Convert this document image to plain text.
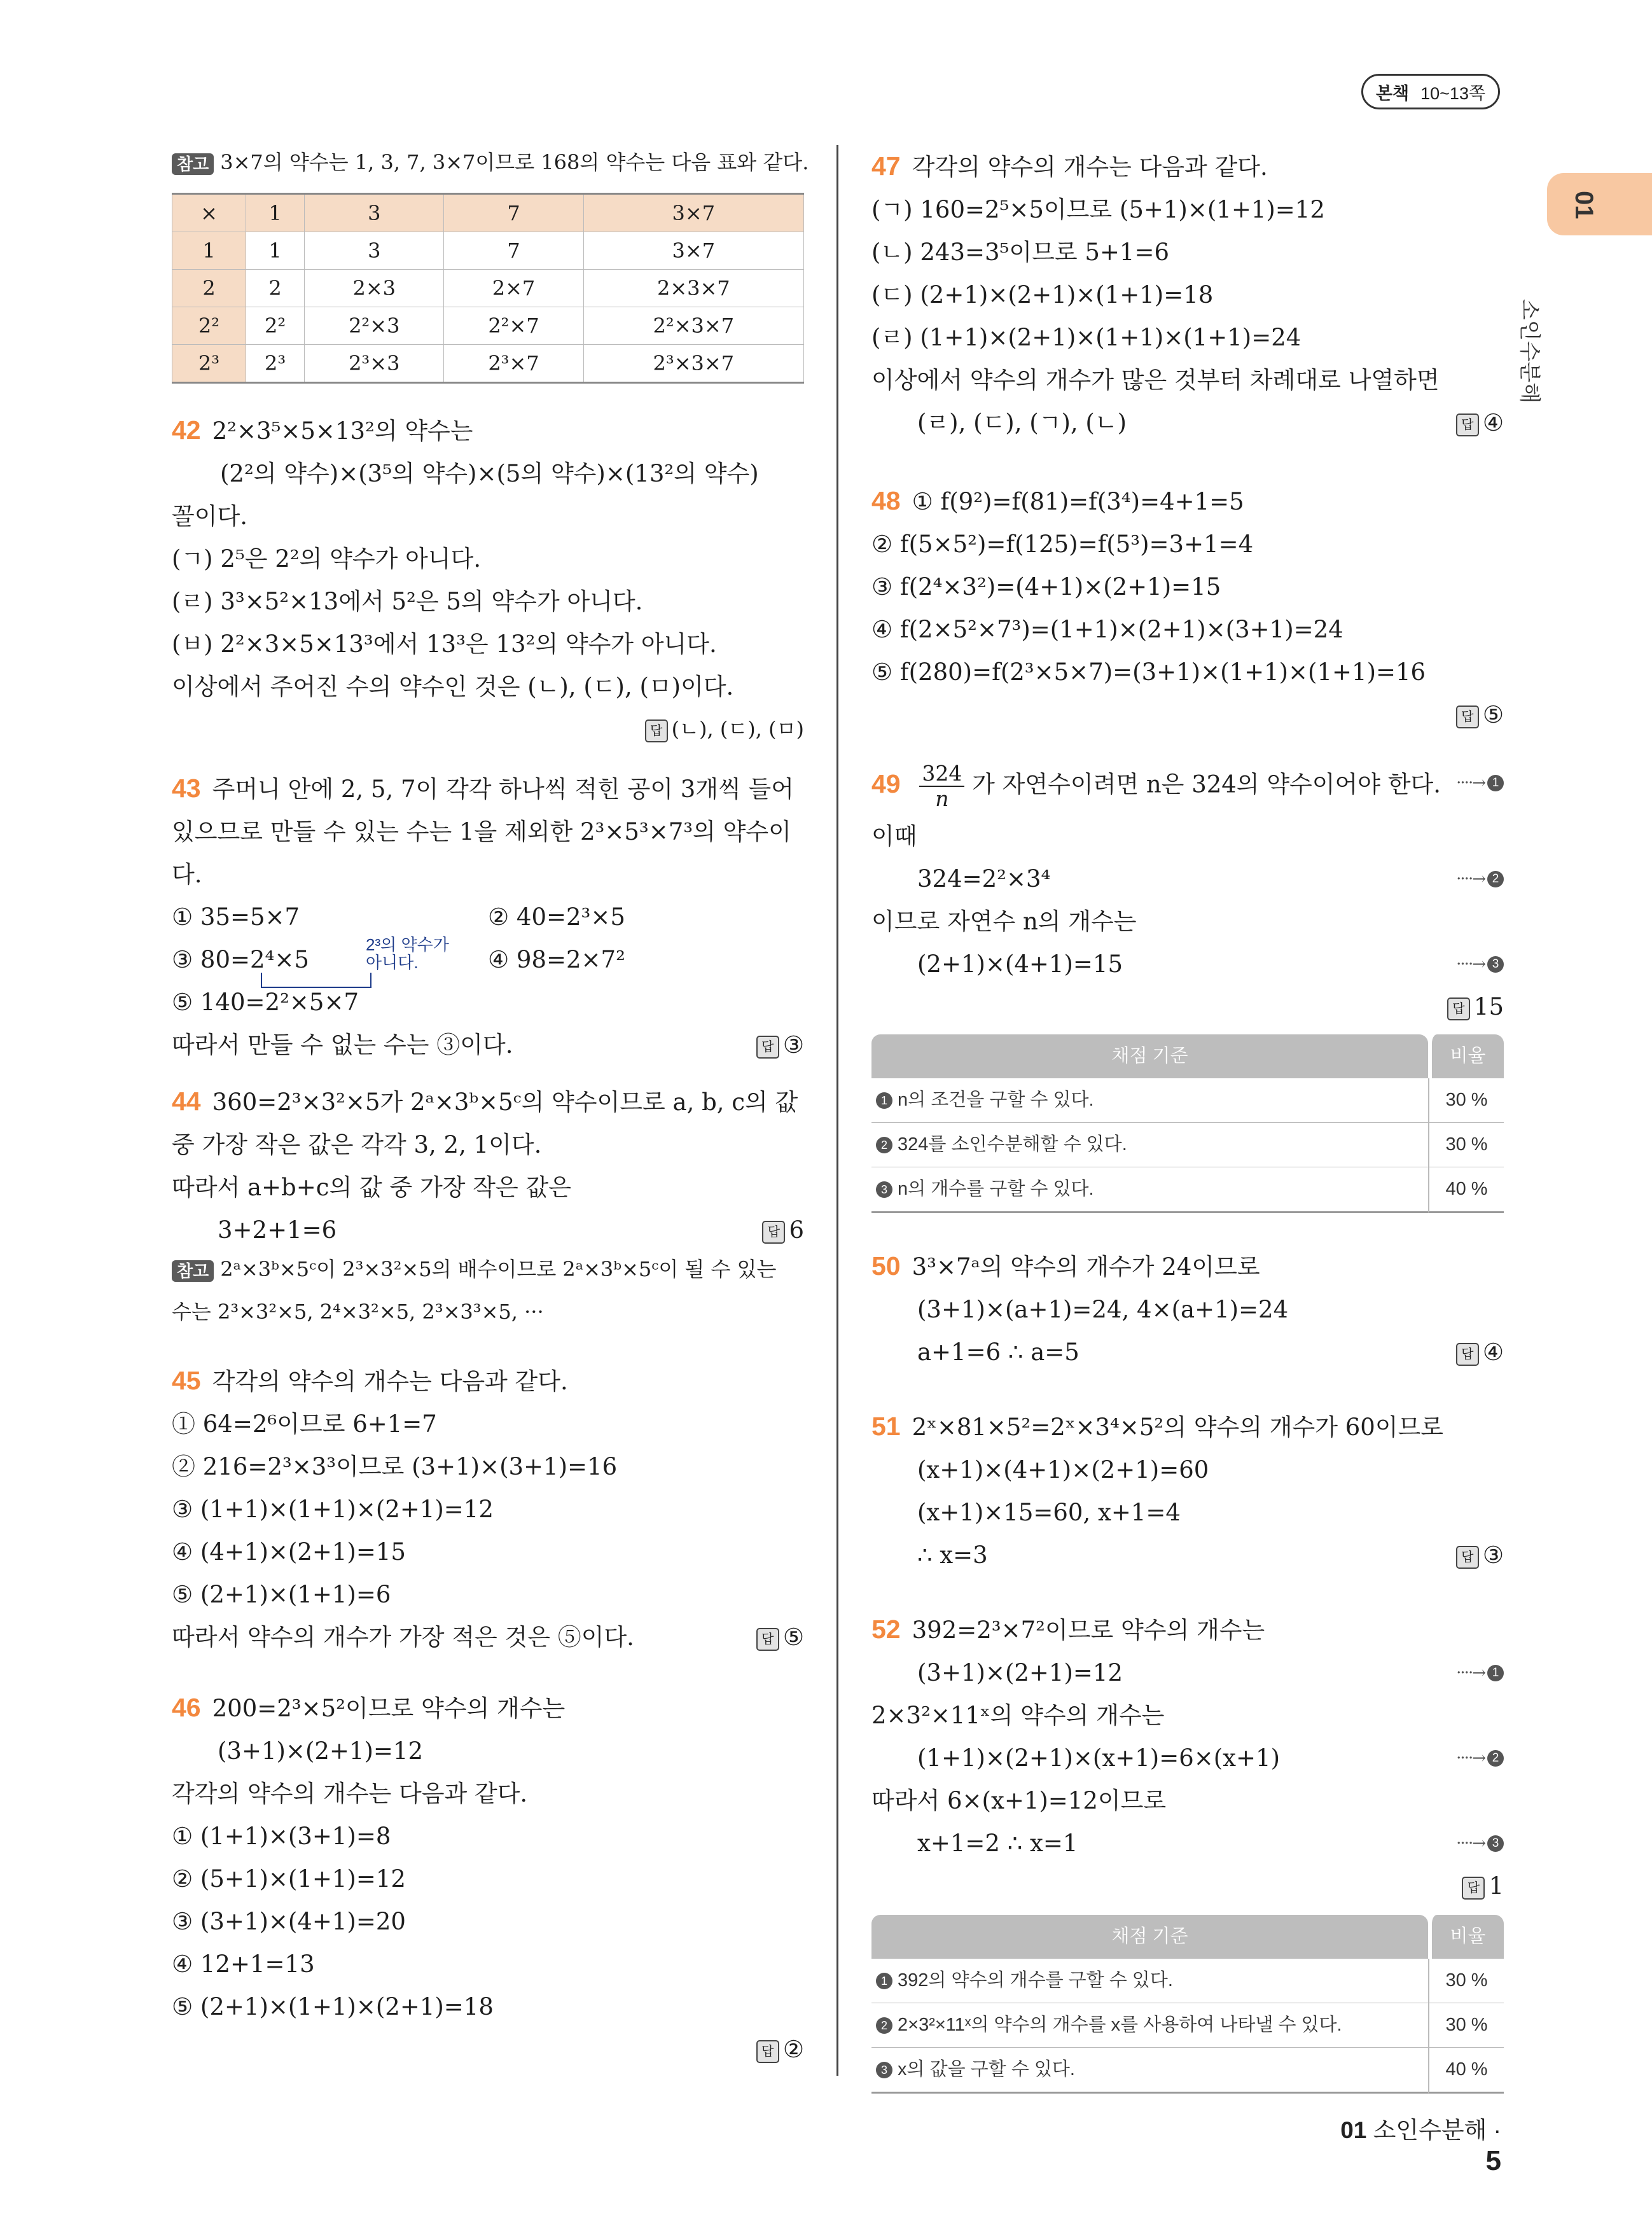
본책 10~13쪽
01
소인수분해
참고 3×7의 약수는 1, 3, 7, 3×7이므로 168의 약수는 다음 표와 같다.
×	1	3	7	3×7
1	1	3	7	3×7
2	2	2×3	2×7	2×3×7
2²	2²	2²×3	2²×7	2²×3×7
2³	2³	2³×3	2³×7	2³×3×7
42 2²×3⁵×5×13²의 약수는
(2²의 약수)×(3⁵의 약수)×(5의 약수)×(13²의 약수)
꼴이다.
(ㄱ) 2⁵은 2²의 약수가 아니다.
(ㄹ) 3³×5²×13에서 5²은 5의 약수가 아니다.
(ㅂ) 2²×3×5×13³에서 13³은 13²의 약수가 아니다.
이상에서 주어진 수의 약수인 것은 (ㄴ), (ㄷ), (ㅁ)이다.
답 (ㄴ), (ㄷ), (ㅁ)
43 주머니 안에 2, 5, 7이 각각 하나씩 적힌 공이 3개씩 들어
있으므로 만들 수 있는 수는 1을 제외한 2³×5³×7³의 약수이
다.
① 35=5×7	② 40=2³×5
③ 80=2⁴×5
2³의 약수가 아니다.	④ 98=2×7²
⑤ 140=2²×5×7
따라서 만들 수 없는 수는 ③이다.	답 ③
44 360=2³×3²×5가 2ᵃ×3ᵇ×5ᶜ의 약수이므로 a, b, c의 값
중 가장 작은 값은 각각 3, 2, 1이다.
따라서 a+b+c의 값 중 가장 작은 값은
3+2+1=6	답 6
참고 2ᵃ×3ᵇ×5ᶜ이 2³×3²×5의 배수이므로 2ᵃ×3ᵇ×5ᶜ이 될 수 있는
수는 2³×3²×5, 2⁴×3²×5, 2³×3³×5, ···
45 각각의 약수의 개수는 다음과 같다.
① 64=2⁶이므로 6+1=7
② 216=2³×3³이므로 (3+1)×(3+1)=16
③ (1+1)×(1+1)×(2+1)=12
④ (4+1)×(2+1)=15
⑤ (2+1)×(1+1)=6
따라서 약수의 개수가 가장 적은 것은 ⑤이다.	답 ⑤
46 200=2³×5²이므로 약수의 개수는
(3+1)×(2+1)=12
각각의 약수의 개수는 다음과 같다.
① (1+1)×(3+1)=8
② (5+1)×(1+1)=12
③ (3+1)×(4+1)=20
④ 12+1=13
⑤ (2+1)×(1+1)×(2+1)=18
답 ②
47 각각의 약수의 개수는 다음과 같다.
(ㄱ) 160=2⁵×5이므로 (5+1)×(1+1)=12
(ㄴ) 243=3⁵이므로 5+1=6
(ㄷ) (2+1)×(2+1)×(1+1)=18
(ㄹ) (1+1)×(2+1)×(1+1)×(1+1)=24
이상에서 약수의 개수가 많은 것부터 차례대로 나열하면
(ㄹ), (ㄷ), (ㄱ), (ㄴ)	답 ④
48 ① f(9²)=f(81)=f(3⁴)=4+1=5
② f(5×5²)=f(125)=f(5³)=3+1=4
③ f(2⁴×3²)=(4+1)×(2+1)=15
④ f(2×5²×7³)=(1+1)×(2+1)×(3+1)=24
⑤ f(280)=f(2³×5×7)=(3+1)×(1+1)×(1+1)=16
답 ⑤
$49 \frac{324}{n}$ 가 자연수이려면 n은 324의 약수이어야 한다. ····→ 1
이때
324=2²×3⁴	····→ 2
이므로 자연수 n의 개수는
(2+1)×(4+1)=15	····→ 3
답 15
채점 기준	비율
1 n의 조건을 구할 수 있다.	30 %
2 324를 소인수분해할 수 있다.	30 %
3 n의 개수를 구할 수 있다.	40 %
50 3³×7ᵃ의 약수의 개수가 24이므로
(3+1)×(a+1)=24, 4×(a+1)=24
a+1=6 ∴ a=5	답 ④
51 2ˣ×81×5²=2ˣ×3⁴×5²의 약수의 개수가 60이므로
(x+1)×(4+1)×(2+1)=60
(x+1)×15=60, x+1=4
∴ x=3	답 ③
52 392=2³×7²이므로 약수의 개수는
(3+1)×(2+1)=12	····→ 1
2×3²×11ˣ의 약수의 개수는
(1+1)×(2+1)×(x+1)=6×(x+1)	····→ 2
따라서 6×(x+1)=12이므로
x+1=2 ∴ x=1	····→ 3
답 1
채점 기준	비율
1 392의 약수의 개수를 구할 수 있다.	30 %
2 2×3²×11ˣ의 약수의 개수를 x를 사용하여 나타낼 수 있다.	30 %
3 x의 값을 구할 수 있다.	40 %
01 소인수분해 · 5
